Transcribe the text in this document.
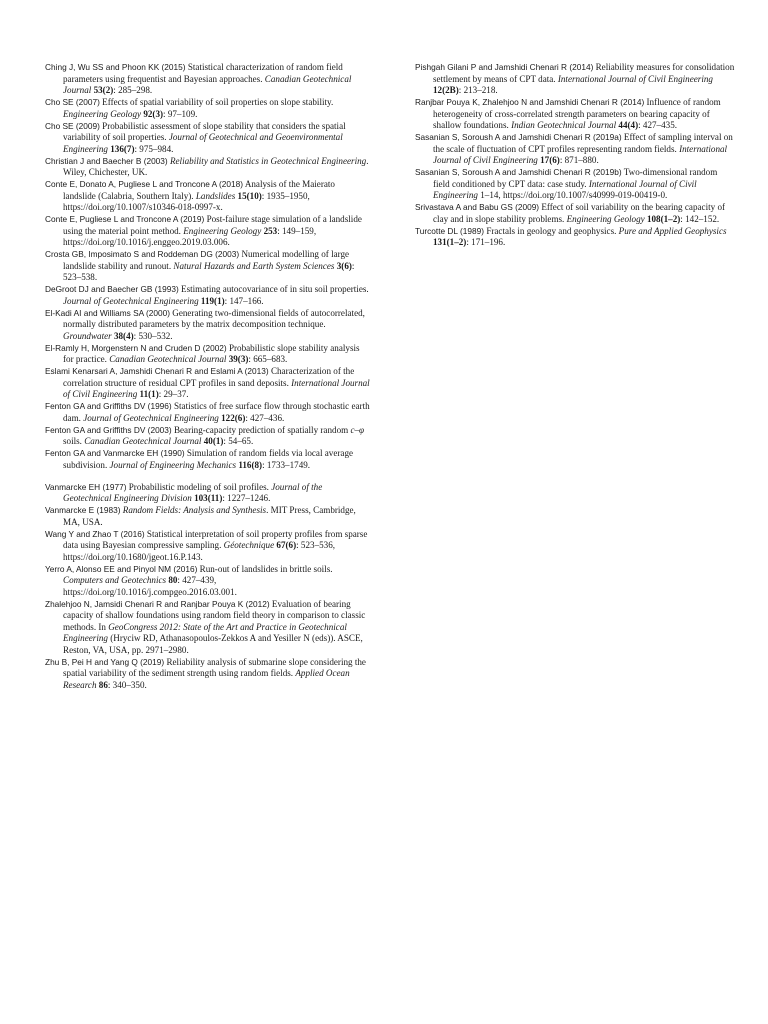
Ching J, Wu SS and Phoon KK (2015) Statistical characterization of random field parameters using frequentist and Bayesian approaches. Canadian Geotechnical Journal 53(2): 285–298.

Cho SE (2007) Effects of spatial variability of soil properties on slope stability. Engineering Geology 92(3): 97–109.

Cho SE (2009) Probabilistic assessment of slope stability that considers the spatial variability of soil properties. Journal of Geotechnical and Geoenvironmental Engineering 136(7): 975–984.

Christian J and Baecher B (2003) Reliability and Statistics in Geotechnical Engineering. Wiley, Chichester, UK.

Conte E, Donato A, Pugliese L and Troncone A (2018) Analysis of the Maierato landslide (Calabria, Southern Italy). Landslides 15(10): 1935–1950, https://doi.org/10.1007/s10346-018-0997-x.

Conte E, Pugliese L and Troncone A (2019) Post-failure stage simulation of a landslide using the material point method. Engineering Geology 253: 149–159, https://doi.org/10.1016/j.enggeo.2019.03.006.

Crosta GB, Imposimato S and Roddeman DG (2003) Numerical modelling of large landslide stability and runout. Natural Hazards and Earth System Sciences 3(6): 523–538.

DeGroot DJ and Baecher GB (1993) Estimating autocovariance of in situ soil properties. Journal of Geotechnical Engineering 119(1): 147–166.

El-Kadi AI and Williams SA (2000) Generating two-dimensional fields of autocorrelated, normally distributed parameters by the matrix decomposition technique. Groundwater 38(4): 530–532.

El-Ramly H, Morgenstern N and Cruden D (2002) Probabilistic slope stability analysis for practice. Canadian Geotechnical Journal 39(3): 665–683.

Eslami Kenarsari A, Jamshidi Chenari R and Eslami A (2013) Characterization of the correlation structure of residual CPT profiles in sand deposits. International Journal of Civil Engineering 11(1): 29–37.

Fenton GA and Griffiths DV (1996) Statistics of free surface flow through stochastic earth dam. Journal of Geotechnical Engineering 122(6): 427–436.

Fenton GA and Griffiths DV (2003) Bearing-capacity prediction of spatially random c–φ soils. Canadian Geotechnical Journal 40(1): 54–65.

Fenton GA and Vanmarcke EH (1990) Simulation of random fields via local average subdivision. Journal of Engineering Mechanics 116(8): 1733–1749.

Vanmarcke EH (1977) Probabilistic modeling of soil profiles. Journal of the Geotechnical Engineering Division 103(11): 1227–1246.

Vanmarcke E (1983) Random Fields: Analysis and Synthesis. MIT Press, Cambridge, MA, USA.

Wang Y and Zhao T (2016) Statistical interpretation of soil property profiles from sparse data using Bayesian compressive sampling. Géotechnique 67(6): 523–536, https://doi.org/10.1680/jgeot.16.P.143.

Yerro A, Alonso EE and Pinyol NM (2016) Run-out of landslides in brittle soils. Computers and Geotechnics 80: 427–439, https://doi.org/10.1016/j.compgeo.2016.03.001.

Zhalehjoo N, Jamsidi Chenari R and Ranjbar Pouya K (2012) Evaluation of bearing capacity of shallow foundations using random field theory in comparison to classic methods. In GeoCongress 2012: State of the Art and Practice in Geotechnical Engineering (Hryciw RD, Athanasopoulos-Zekkos A and Yesiller N (eds)). ASCE, Reston, VA, USA, pp. 2971–2980.

Zhu B, Pei H and Yang Q (2019) Reliability analysis of submarine slope considering the spatial variability of the sediment strength using random fields. Applied Ocean Research 86: 340–350.

Pishgah Gilani P and Jamshidi Chenari R (2014) Reliability measures for consolidation settlement by means of CPT data. International Journal of Civil Engineering 12(2B): 213–218.

Ranjbar Pouya K, Zhalehjoo N and Jamshidi Chenari R (2014) Influence of random heterogeneity of cross-correlated strength parameters on bearing capacity of shallow foundations. Indian Geotechnical Journal 44(4): 427–435.

Sasanian S, Soroush A and Jamshidi Chenari R (2019a) Effect of sampling interval on the scale of fluctuation of CPT profiles representing random fields. International Journal of Civil Engineering 17(6): 871–880.

Sasanian S, Soroush A and Jamshidi Chenari R (2019b) Two-dimensional random field conditioned by CPT data: case study. International Journal of Civil Engineering 1–14, https://doi.org/10.1007/s40999-019-00419-0.

Srivastava A and Babu GS (2009) Effect of soil variability on the bearing capacity of clay and in slope stability problems. Engineering Geology 108(1–2): 142–152.

Turcotte DL (1989) Fractals in geology and geophysics. Pure and Applied Geophysics 131(1–2): 171–196.
